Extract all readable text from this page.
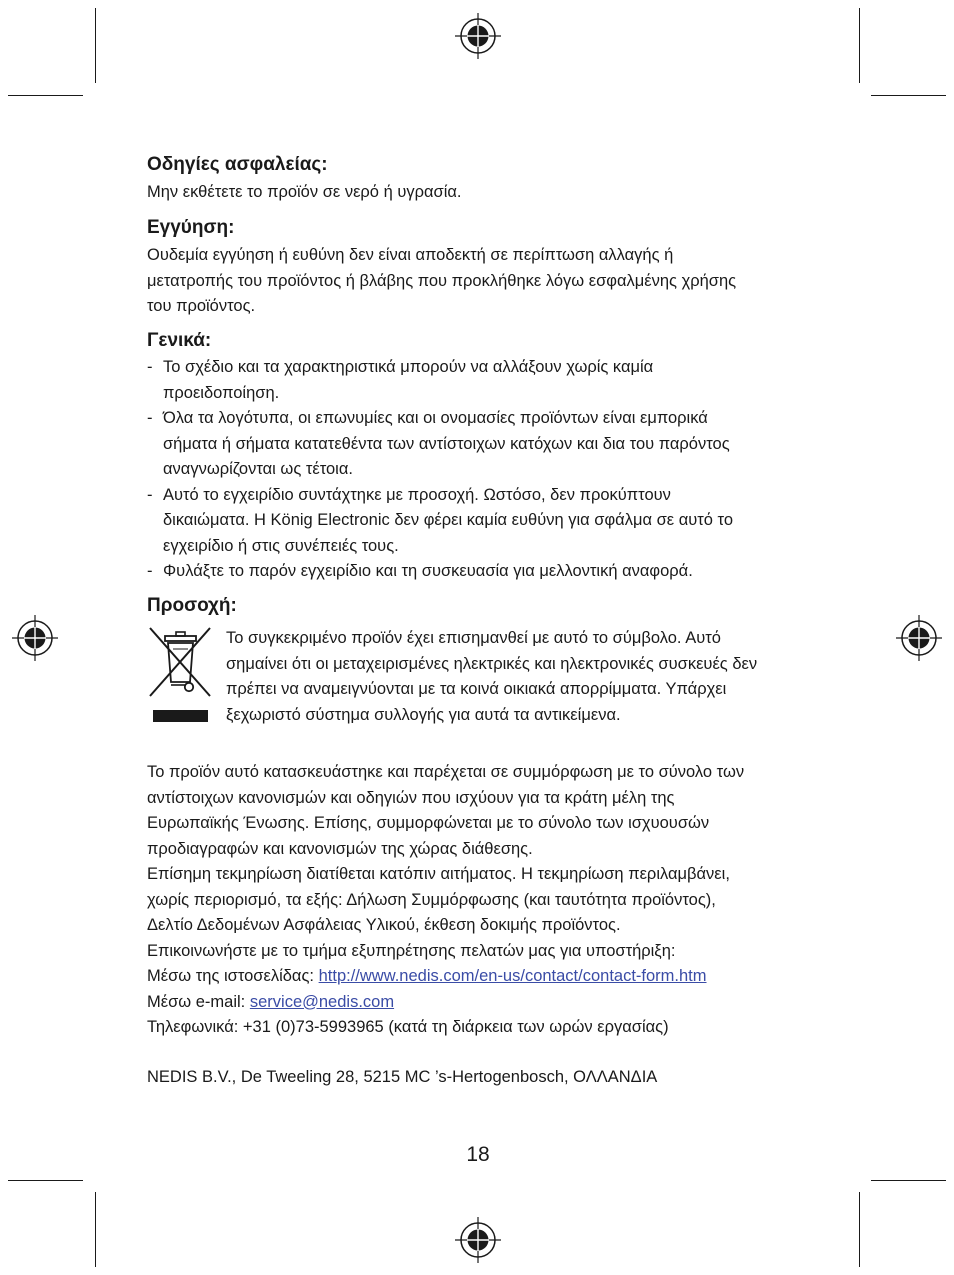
Οδηγίες ασφαλείας:
Μην εκθέτετε το προϊόν σε νερό ή υγρασία.
Εγγύηση:
Ουδεμία εγγύηση ή ευθύνη δεν είναι αποδεκτή σε περίπτωση αλλαγής ή
μετατροπής του προϊόντος ή βλάβης που προκλήθηκε λόγω εσφαλμένης χρήσης
του προϊόντος.
Γενικά:
- Το σχέδιο και τα χαρακτηριστικά μπορούν να αλλάξουν χωρίς καμία
προειδοποίηση.
- Όλα τα λογότυπα, οι επωνυμίες και οι ονομασίες προϊόντων είναι εμπορικά
σήματα ή σήματα κατατεθέντα των αντίστοιχων κατόχων και δια του παρόντος
αναγνωρίζονται ως τέτοια.
- Αυτό το εγχειρίδιο συντάχτηκε με προσοχή. Ωστόσο, δεν προκύπτουν
δικαιώματα. Η König Electronic δεν φέρει καμία ευθύνη για σφάλμα σε αυτό το
εγχειρίδιο ή στις συνέπειές τους.
- Φυλάξτε το παρόν εγχειρίδιο και τη συσκευασία για μελλοντική αναφορά.
Προσοχή:
Το συγκεκριμένο προϊόν έχει επισημανθεί με αυτό το σύμβολο. Αυτό
σημαίνει ότι οι μεταχειρισμένες ηλεκτρικές και ηλεκτρονικές συσκευές δεν
πρέπει να αναμειγνύονται με τα κοινά οικιακά απορρίμματα. Υπάρχει
ξεχωριστό σύστημα συλλογής για αυτά τα αντικείμενα.
Το προϊόν αυτό κατασκευάστηκε και παρέχεται σε συμμόρφωση με το σύνολο των
αντίστοιχων κανονισμών και οδηγιών που ισχύουν για τα κράτη μέλη της
Ευρωπαϊκής Ένωσης. Επίσης, συμμορφώνεται με το σύνολο των ισχυουσών
προδιαγραφών και κανονισμών της χώρας διάθεσης.
Επίσημη τεκμηρίωση διατίθεται κατόπιν αιτήματος. Η τεκμηρίωση περιλαμβάνει,
χωρίς περιορισμό, τα εξής: Δήλωση Συμμόρφωσης (και ταυτότητα προϊόντος),
Δελτίο Δεδομένων Ασφάλειας Υλικού, έκθεση δοκιμής προϊόντος.
Επικοινωνήστε με το τμήμα εξυπηρέτησης πελατών μας για υποστήριξη:
Μέσω της ιστοσελίδας: http://www.nedis.com/en-us/contact/contact-form.htm
Μέσω e-mail: service@nedis.com
Τηλεφωνικά: +31 (0)73-5993965 (κατά τη διάρκεια των ωρών εργασίας)
NEDIS B.V., De Tweeling 28, 5215 MC ’s-Hertogenbosch, ΟΛΛΑΝΔΙΑ
18
